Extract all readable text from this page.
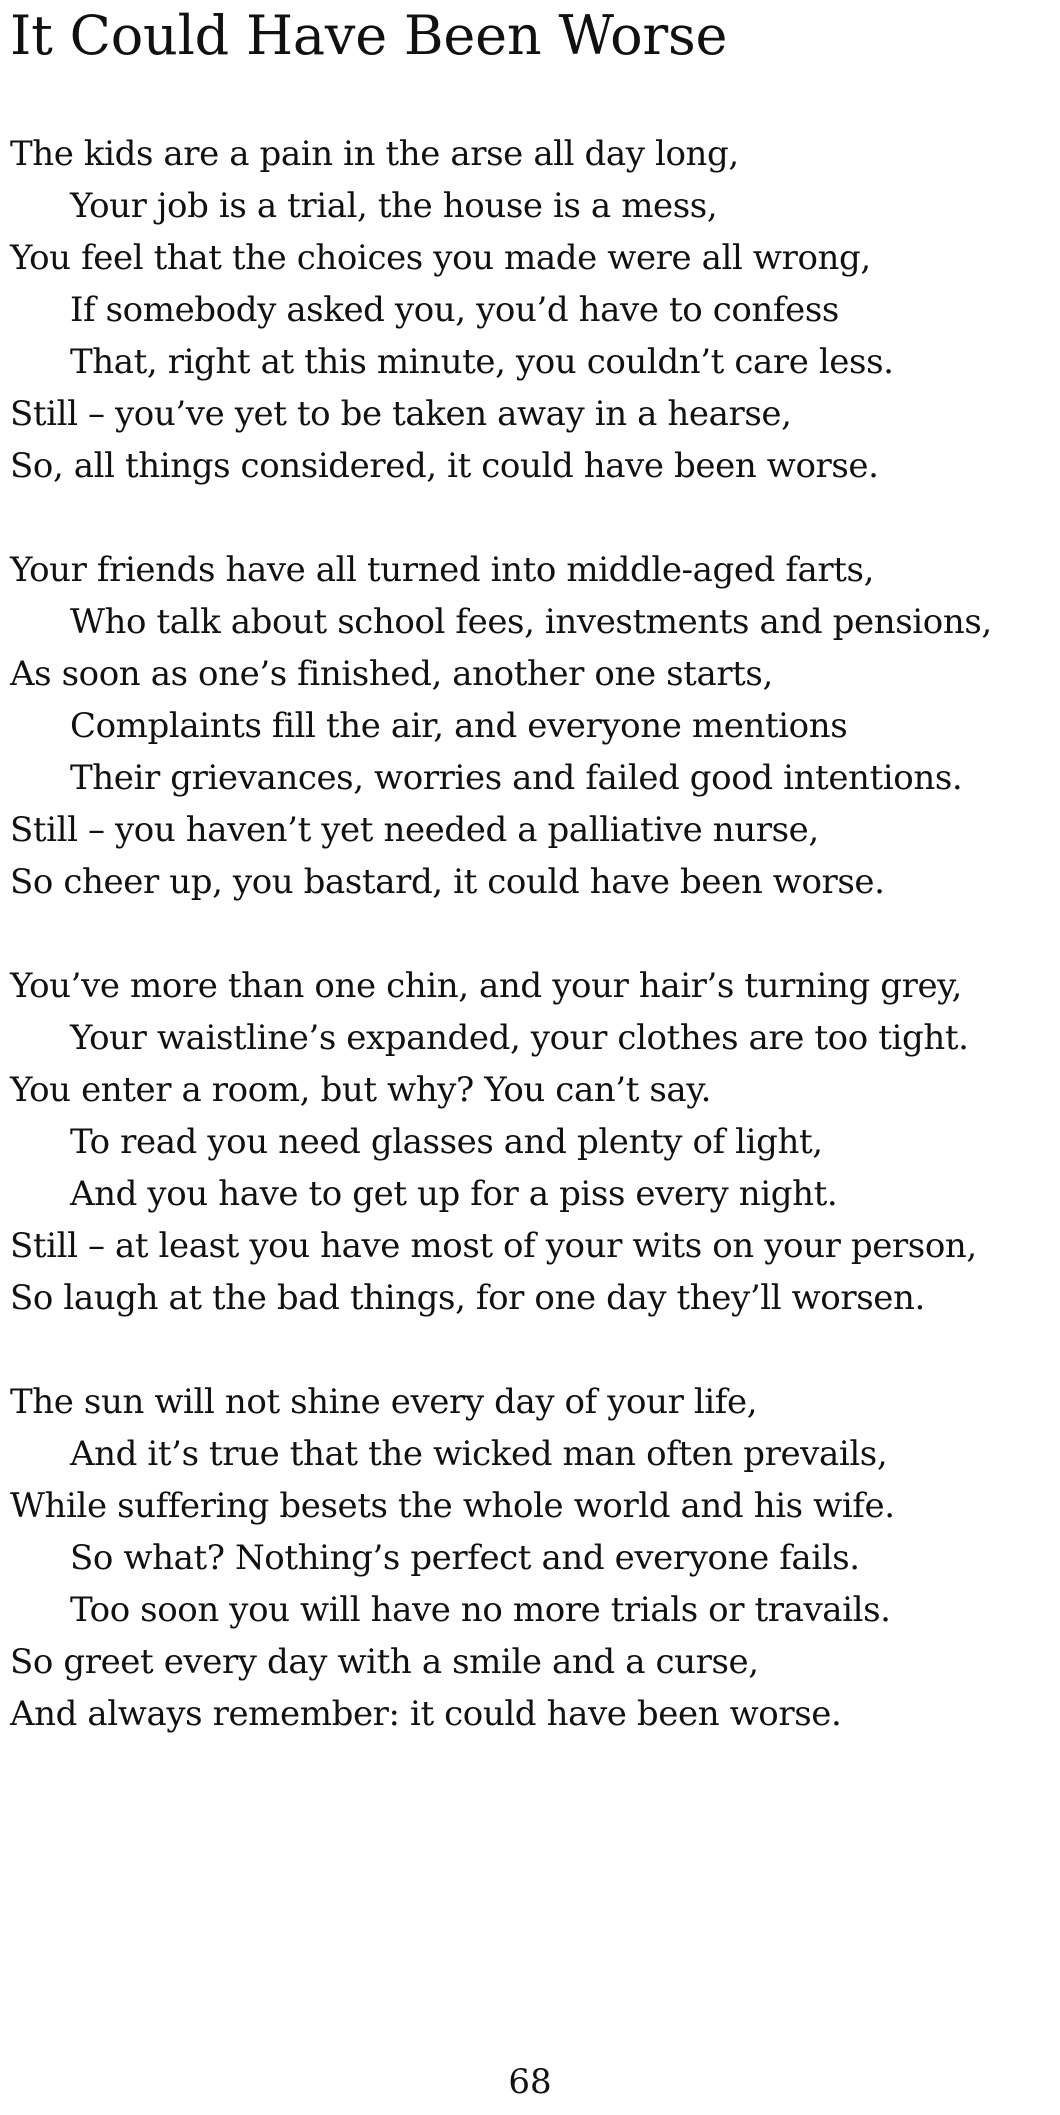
It Could Have Been Worse
The kids are a pain in the arse all day long,
Your job is a trial, the house is a mess,
You feel that the choices you made were all wrong,
If somebody asked you, you’d have to confess
That, right at this minute, you couldn’t care less.
Still – you’ve yet to be taken away in a hearse,
So, all things considered, it could have been worse.
Your friends have all turned into middle-aged farts,
Who talk about school fees, investments and pensions,
As soon as one’s finished, another one starts,
Complaints fill the air, and everyone mentions
Their grievances, worries and failed good intentions.
Still – you haven’t yet needed a palliative nurse,
So cheer up, you bastard, it could have been worse.
You’ve more than one chin, and your hair’s turning grey,
Your waistline’s expanded, your clothes are too tight.
You enter a room, but why? You can’t say.
To read you need glasses and plenty of light,
And you have to get up for a piss every night.
Still – at least you have most of your wits on your person,
So laugh at the bad things, for one day they’ll worsen.
The sun will not shine every day of your life,
And it’s true that the wicked man often prevails,
While suffering besets the whole world and his wife.
So what? Nothing’s perfect and everyone fails.
Too soon you will have no more trials or travails.
So greet every day with a smile and a curse,
And always remember: it could have been worse.
68
